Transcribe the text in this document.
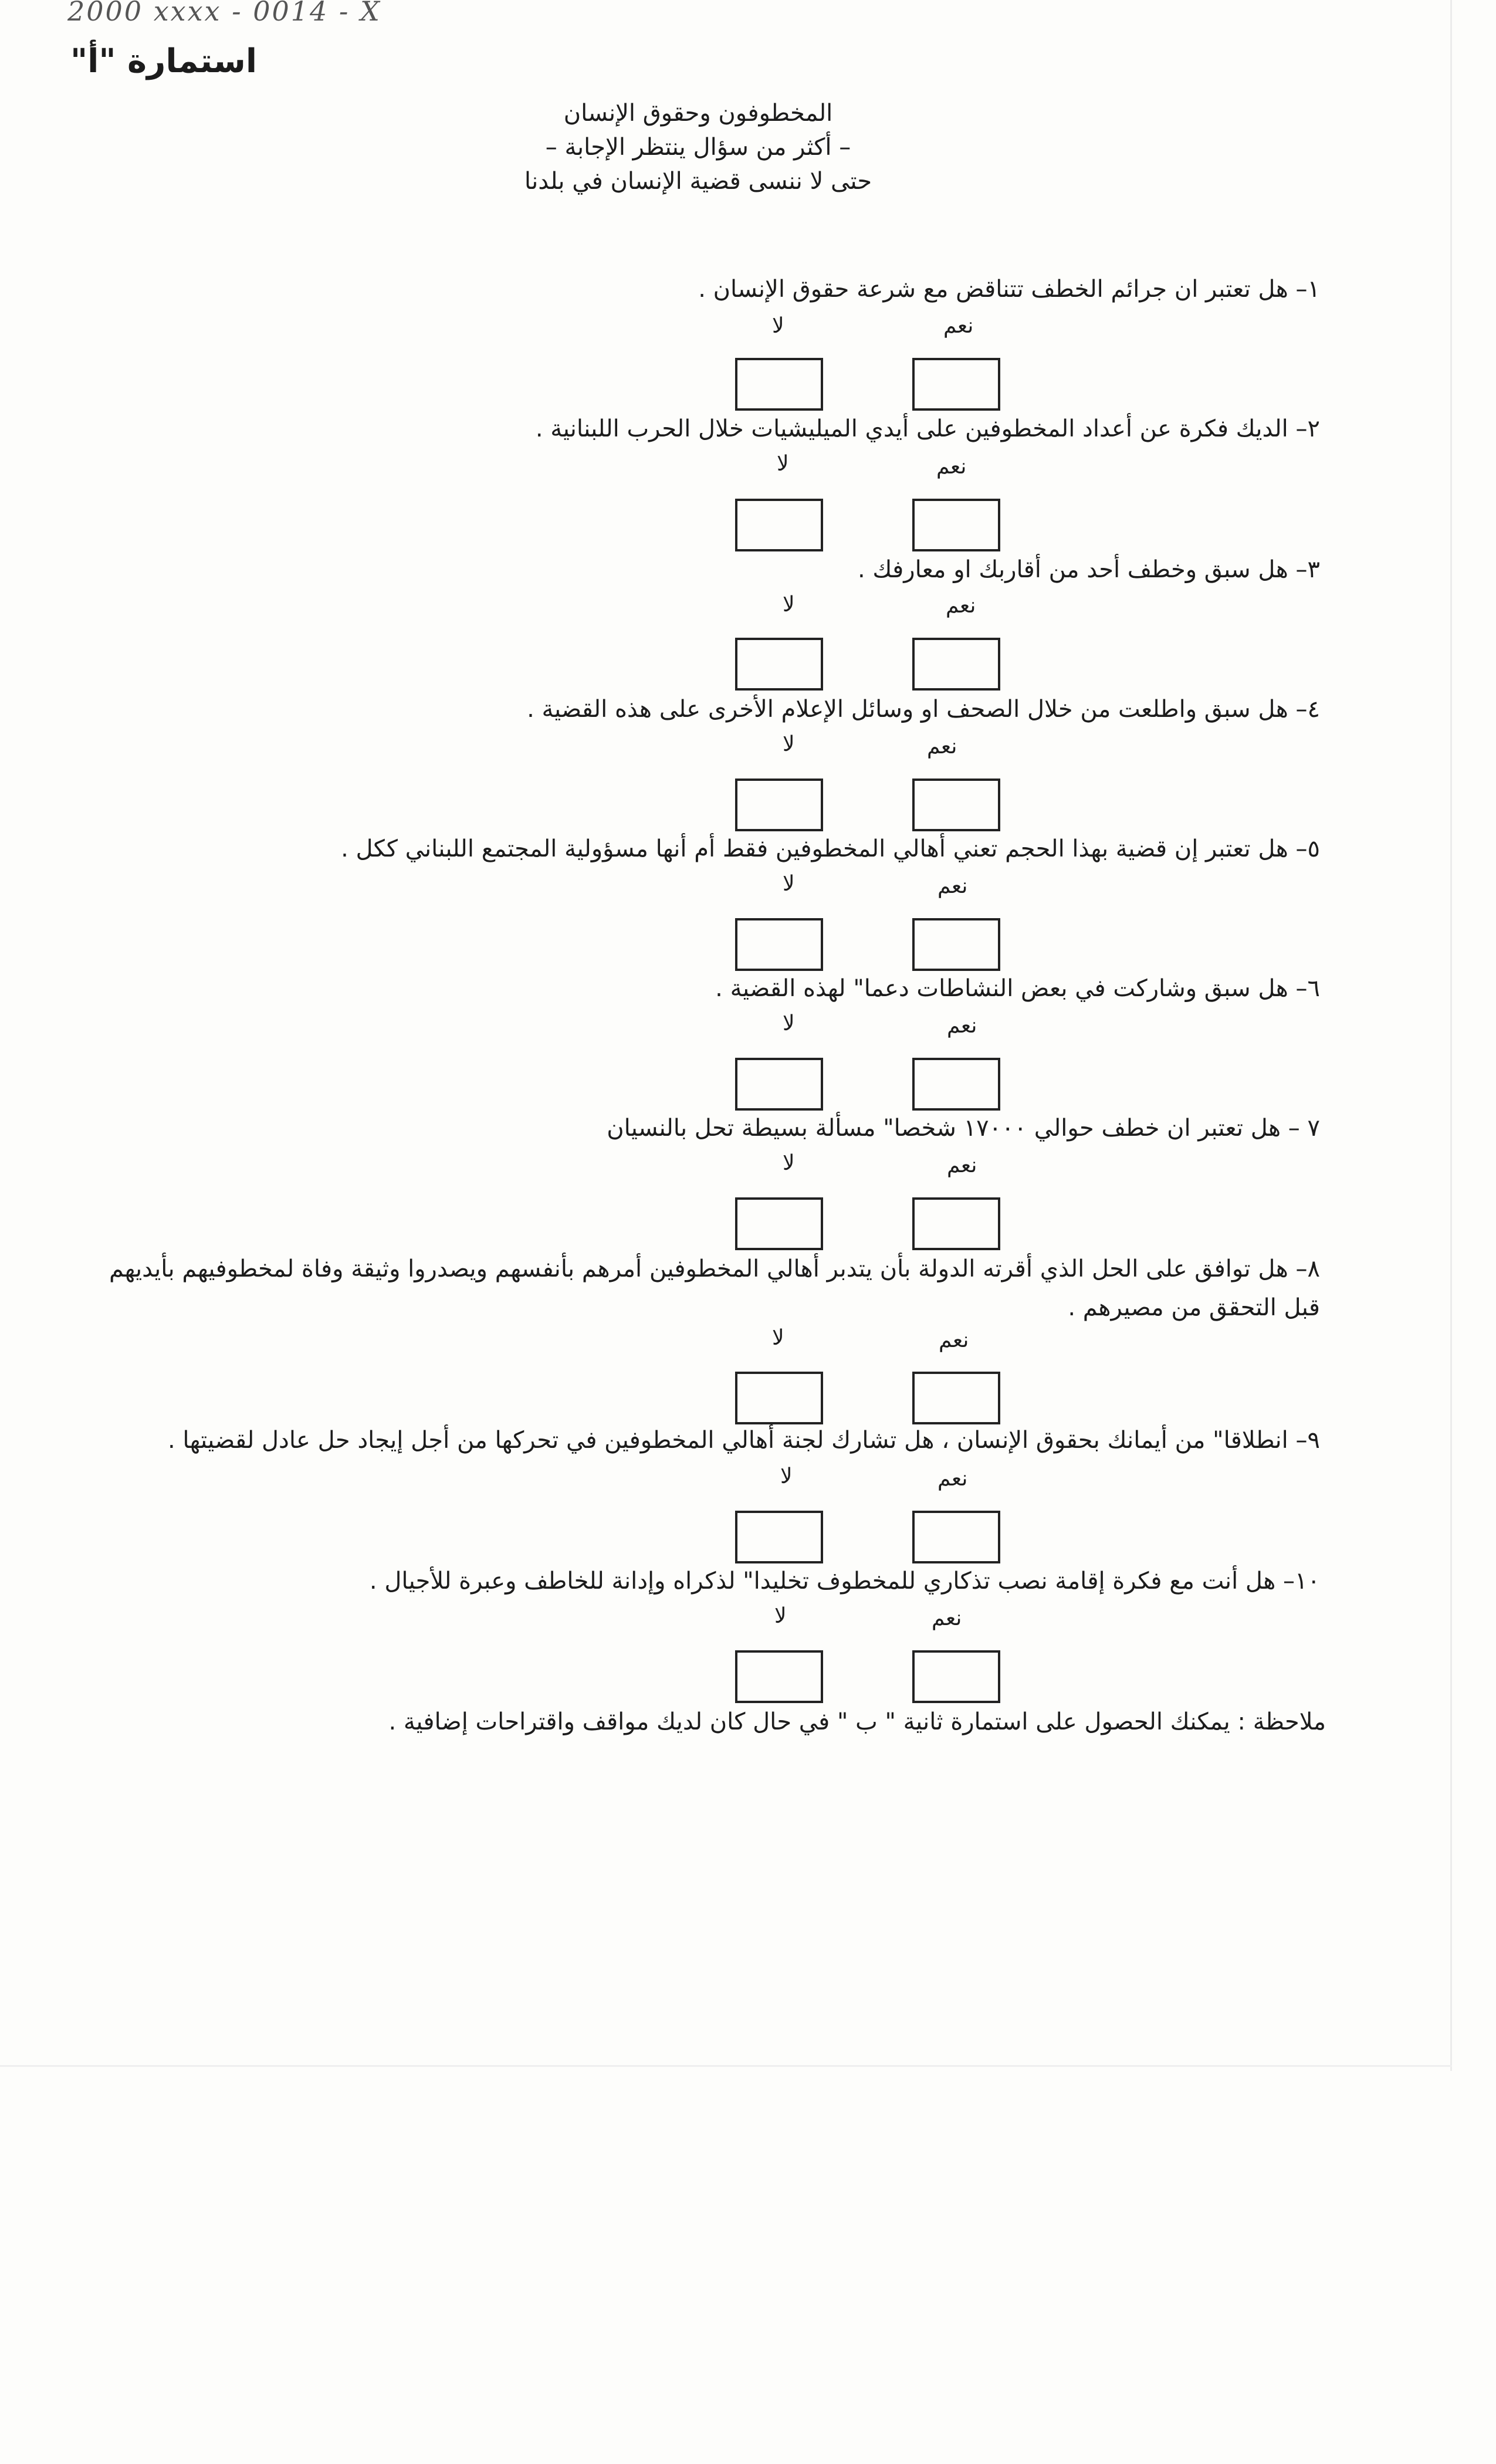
2000 xxxx - 0014 - X
استمارة "أ"
المخطوفون وحقوق الإنسان
– أكثر من سؤال ينتظر الإجابة –
حتى لا ننسى قضية الإنسان في بلدنا
١– هل تعتبر ان جرائم الخطف تتناقض مع شرعة حقوق الإنسان .
نعم
لا
٢– الديك فكرة عن أعداد المخطوفين على أيدي الميليشيات خلال الحرب اللبنانية .
نعم
لا
٣– هل سبق وخطف أحد من أقاربك او معارفك .
نعم
لا
٤– هل سبق واطلعت من خلال الصحف او وسائل الإعلام الأخرى على هذه القضية .
نعم
لا
٥– هل تعتبر إن قضية بهذا الحجم تعني أهالي المخطوفين فقط أم أنها مسؤولية المجتمع اللبناني ككل .
نعم
لا
٦– هل سبق وشاركت في بعض النشاطات دعما" لهذه القضية .
نعم
لا
٧ – هل تعتبر ان خطف حوالي ١٧٠٠٠ شخصا" مسألة بسيطة تحل بالنسيان
نعم
لا
٨– هل توافق على الحل الذي أقرته الدولة بأن يتدبر أهالي المخطوفين أمرهم بأنفسهم ويصدروا وثيقة وفاة لمخطوفيهم بأيديهم قبل التحقق من مصيرهم .
نعم
لا
٩– انطلاقا" من أيمانك بحقوق الإنسان ، هل تشارك لجنة أهالي المخطوفين في تحركها من أجل إيجاد حل عادل لقضيتها .
نعم
لا
١٠– هل أنت مع فكرة إقامة نصب تذكاري للمخطوف تخليدا" لذكراه وإدانة للخاطف وعبرة للأجيال .
نعم
لا
ملاحظة : يمكنك الحصول على استمارة ثانية " ب " في حال كان لديك مواقف واقتراحات إضافية .
